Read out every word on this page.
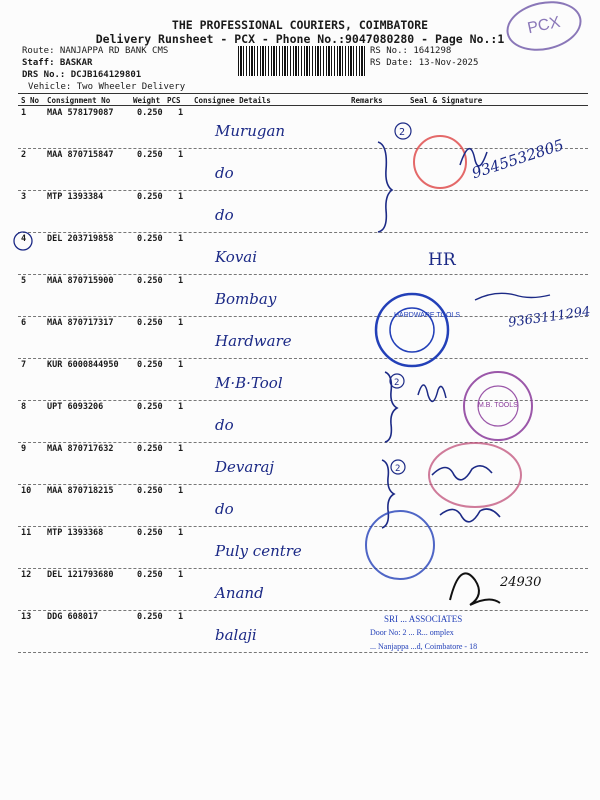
PCX
THE PROFESSIONAL COURIERS, COIMBATORE
Delivery Runsheet - PCX - Phone No.:9047080280 - Page No.:1
Route: NANJAPPA RD BANK CMS
Staff: BASKAR
DRS No.: DCJB164129801
Vehicle: Two Wheeler Delivery
RS No.: 1641298
RS Date: 13-Nov-2025
S No Consignment No	Weight PCS Consignee Details	Remarks	Seal & Signature
1 MAA 578179087	0.250 1
Murugan
2 MAA 870715847	0.250 1
do
3 MTP 1393384	0.250 1
do
4 DEL 203719858	0.250 1
Kovai
5 MAA 870715900	0.250 1
Bombay
6 MAA 870717317	0.250 1
Hardware
7 KUR 6000844950 0.250 1
M·B·Tool
8 UPT 6093206	0.250 1
do
9 MAA 870717632	0.250 1
Devaraj
10 MAA 870718215	0.250 1
do
11 MTP 1393368	0.250 1
Puly centre
12 DEL 121793680	0.250 1
Anand
13 DDG 608017	0.250 1
balaji
HR
2
2
2
9345532805
9363111294
24930
HARDWARE TOOLS
M.B. TOOLS
SRI ... ASSOCIATES
Door No: 2 ... R... omplex
... Nanjappa ...d, Coimbatore - 18
